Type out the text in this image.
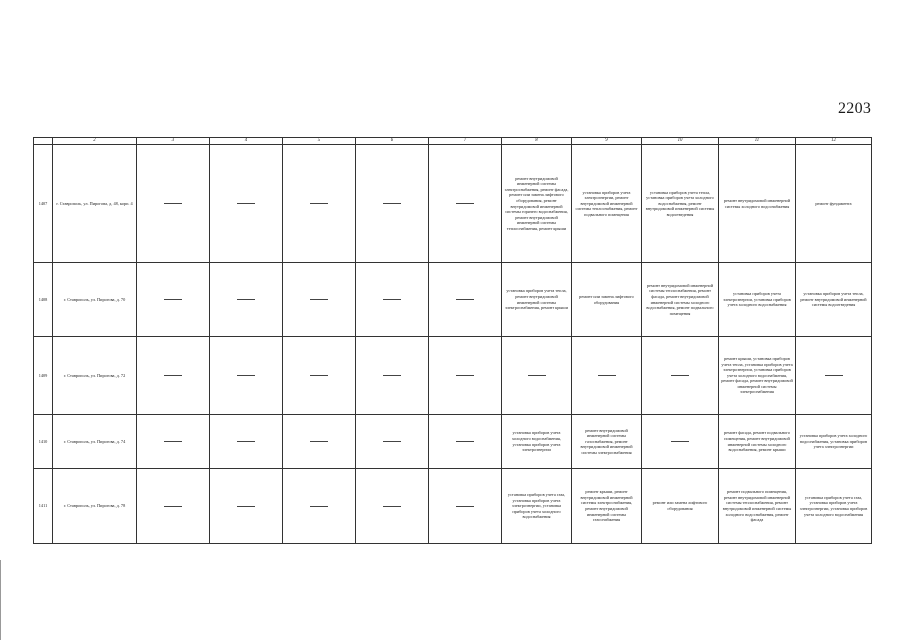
2203
	2	3	4	5	6	7	8	9	10	11	12
1407	г. Ставрополь, ул. Пирогова, д. 48, корп. 4						ремонт внутридомовой инженерной системы электроснабжения, ремонт фасада, ремонт или замена лифтового оборудования, ремонт внутридомовой инженерной системы горячего водоснабжения, ремонт внутридомовой инженерной системы теплоснабжения, ремонт крыши	установка приборов учета электроэнергии, ремонт внутридомовой инженерной системы теплоснабжения, ремонт подвального помещения	установка приборов учета тепла, установка приборов учета холодного водоснабжения, ремонт внутридомовой инженерной системы водоотведения	ремонт внутридомовой инженерной системы холодного водоснабжения	ремонт фундамента
1408	г. Ставрополь, ул. Пирогова, д. 70						установка приборов учета тепла, ремонт внутридомовой инженерной системы электроснабжения, ремонт крыши	ремонт или замена лифтового оборудования	ремонт внутридомовой инженерной системы теплоснабжения, ремонт фасада, ремонт внутридомовой инженерной системы холодного водоснабжения, ремонт подвального помещения	установка приборов учета электроэнергии, установка приборов учета холодного водоснабжения	установка приборов учета тепла, ремонт внутридомовой инженерной системы водоотведения
1409	г. Ставрополь, ул. Пирогова, д. 72									ремонт крыши, установка приборов учета тепла, установка приборов учета электроэнергии, установка приборов учета холодного водоснабжения, ремонт фасада, ремонт внутридомовой инженерной системы электроснабжения	
1410	г. Ставрополь, ул. Пирогова, д. 74						установка приборов учета холодного водоснабжения, установка приборов учета электроэнергии	ремонт внутридомовой инженерной системы газоснабжения, ремонт внутридомовой инженерной системы электроснабжения		ремонт фасада, ремонт подвального помещения, ремонт внутридомовой инженерной системы холодного водоснабжения, ремонт крыши	установка приборов учета холодного водоснабжения, установка приборов учета электроэнергии
1411	г. Ставрополь, ул. Пирогова, д. 78						установка приборов учета газа, установка приборов учета электроэнергии, установка приборов учета холодного водоснабжения	ремонт крыши, ремонт внутридомовой инженерной системы электроснабжения, ремонт внутридомовой инженерной системы газоснабжения	ремонт или замена лифтового оборудования	ремонт подвального помещения, ремонт внутридомовой инженерной системы теплоснабжения, ремонт внутридомовой инженерной системы холодного водоснабжения, ремонт фасада	установка приборов учета газа, установка приборов учета электроэнергии, установка приборов учета холодного водоснабжения
